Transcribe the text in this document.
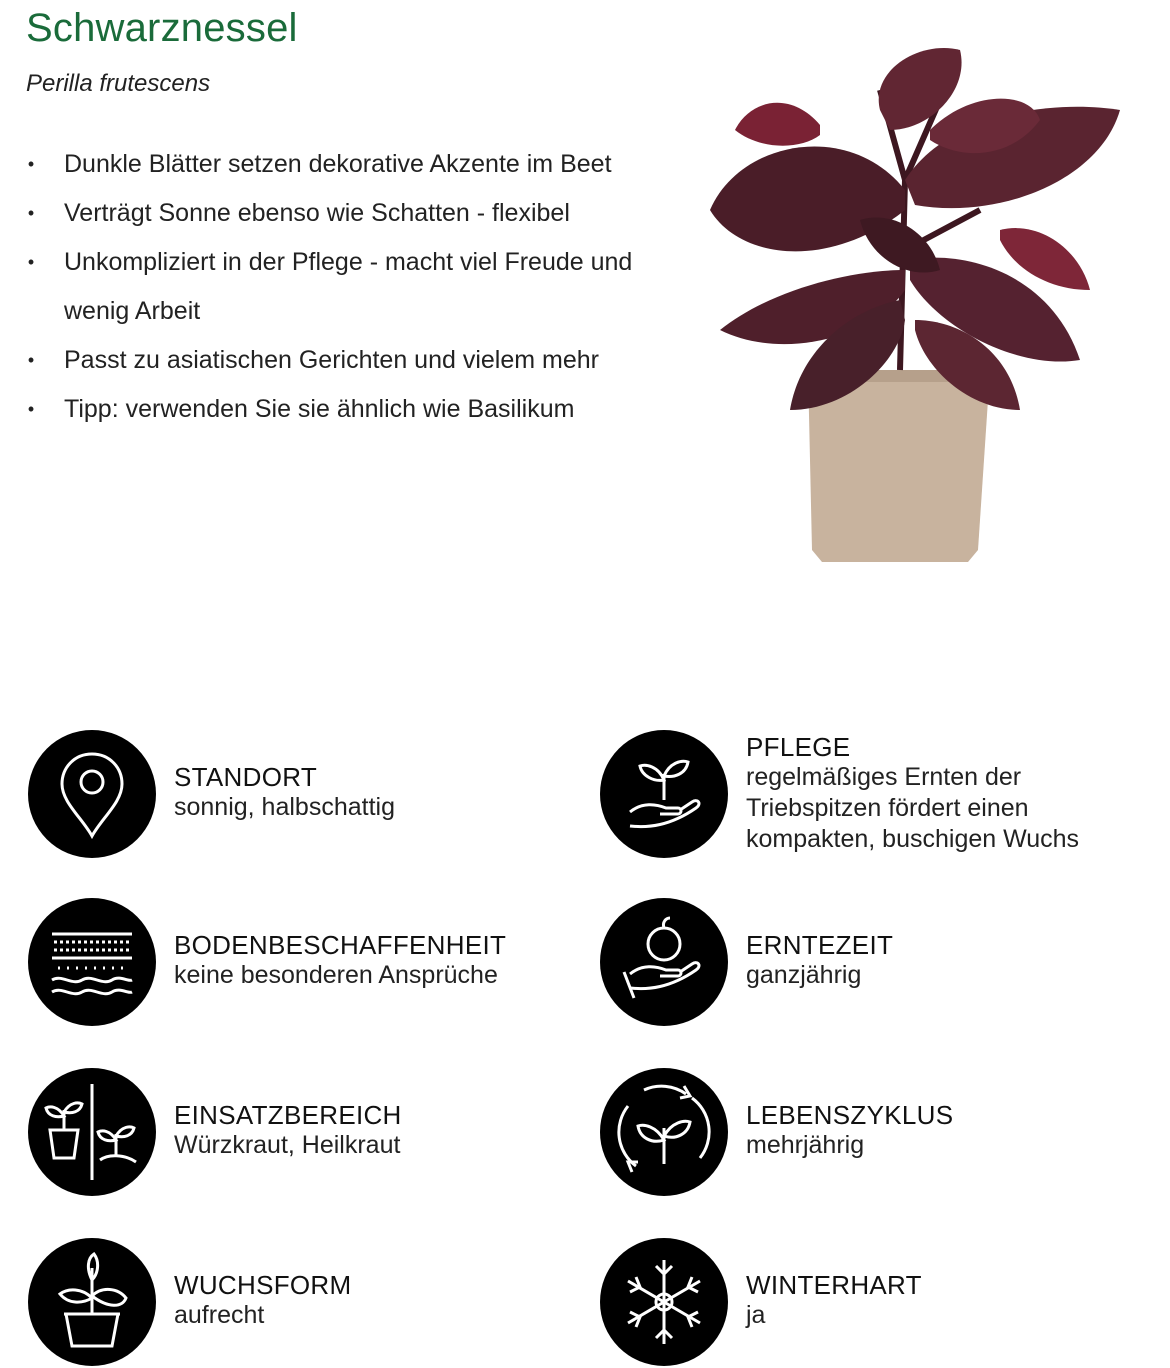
Schwarznessel
Perilla frutescens
• Dunkle Blätter setzen dekorative Akzente im Beet
• Verträgt Sonne ebenso wie Schatten - flexibel
• Unkompliziert in der Pflege - macht viel Freude und wenig Arbeit
• Passt zu asiatischen Gerichten und vielem mehr
• Tipp: verwenden Sie sie ähnlich wie Basilikum
STANDORT
sonnig, halbschattig
PFLEGE
regelmäßiges Ernten der Triebspitzen fördert einen kompakten, buschigen Wuchs
BODENBESCHAFFENHEIT
keine besonderen Ansprüche
ERNTEZEIT
ganzjährig
EINSATZBEREICH
Würzkraut, Heilkraut
LEBENSZYKLUS
mehrjährig
WUCHSFORM
aufrecht
WINTERHART
ja
